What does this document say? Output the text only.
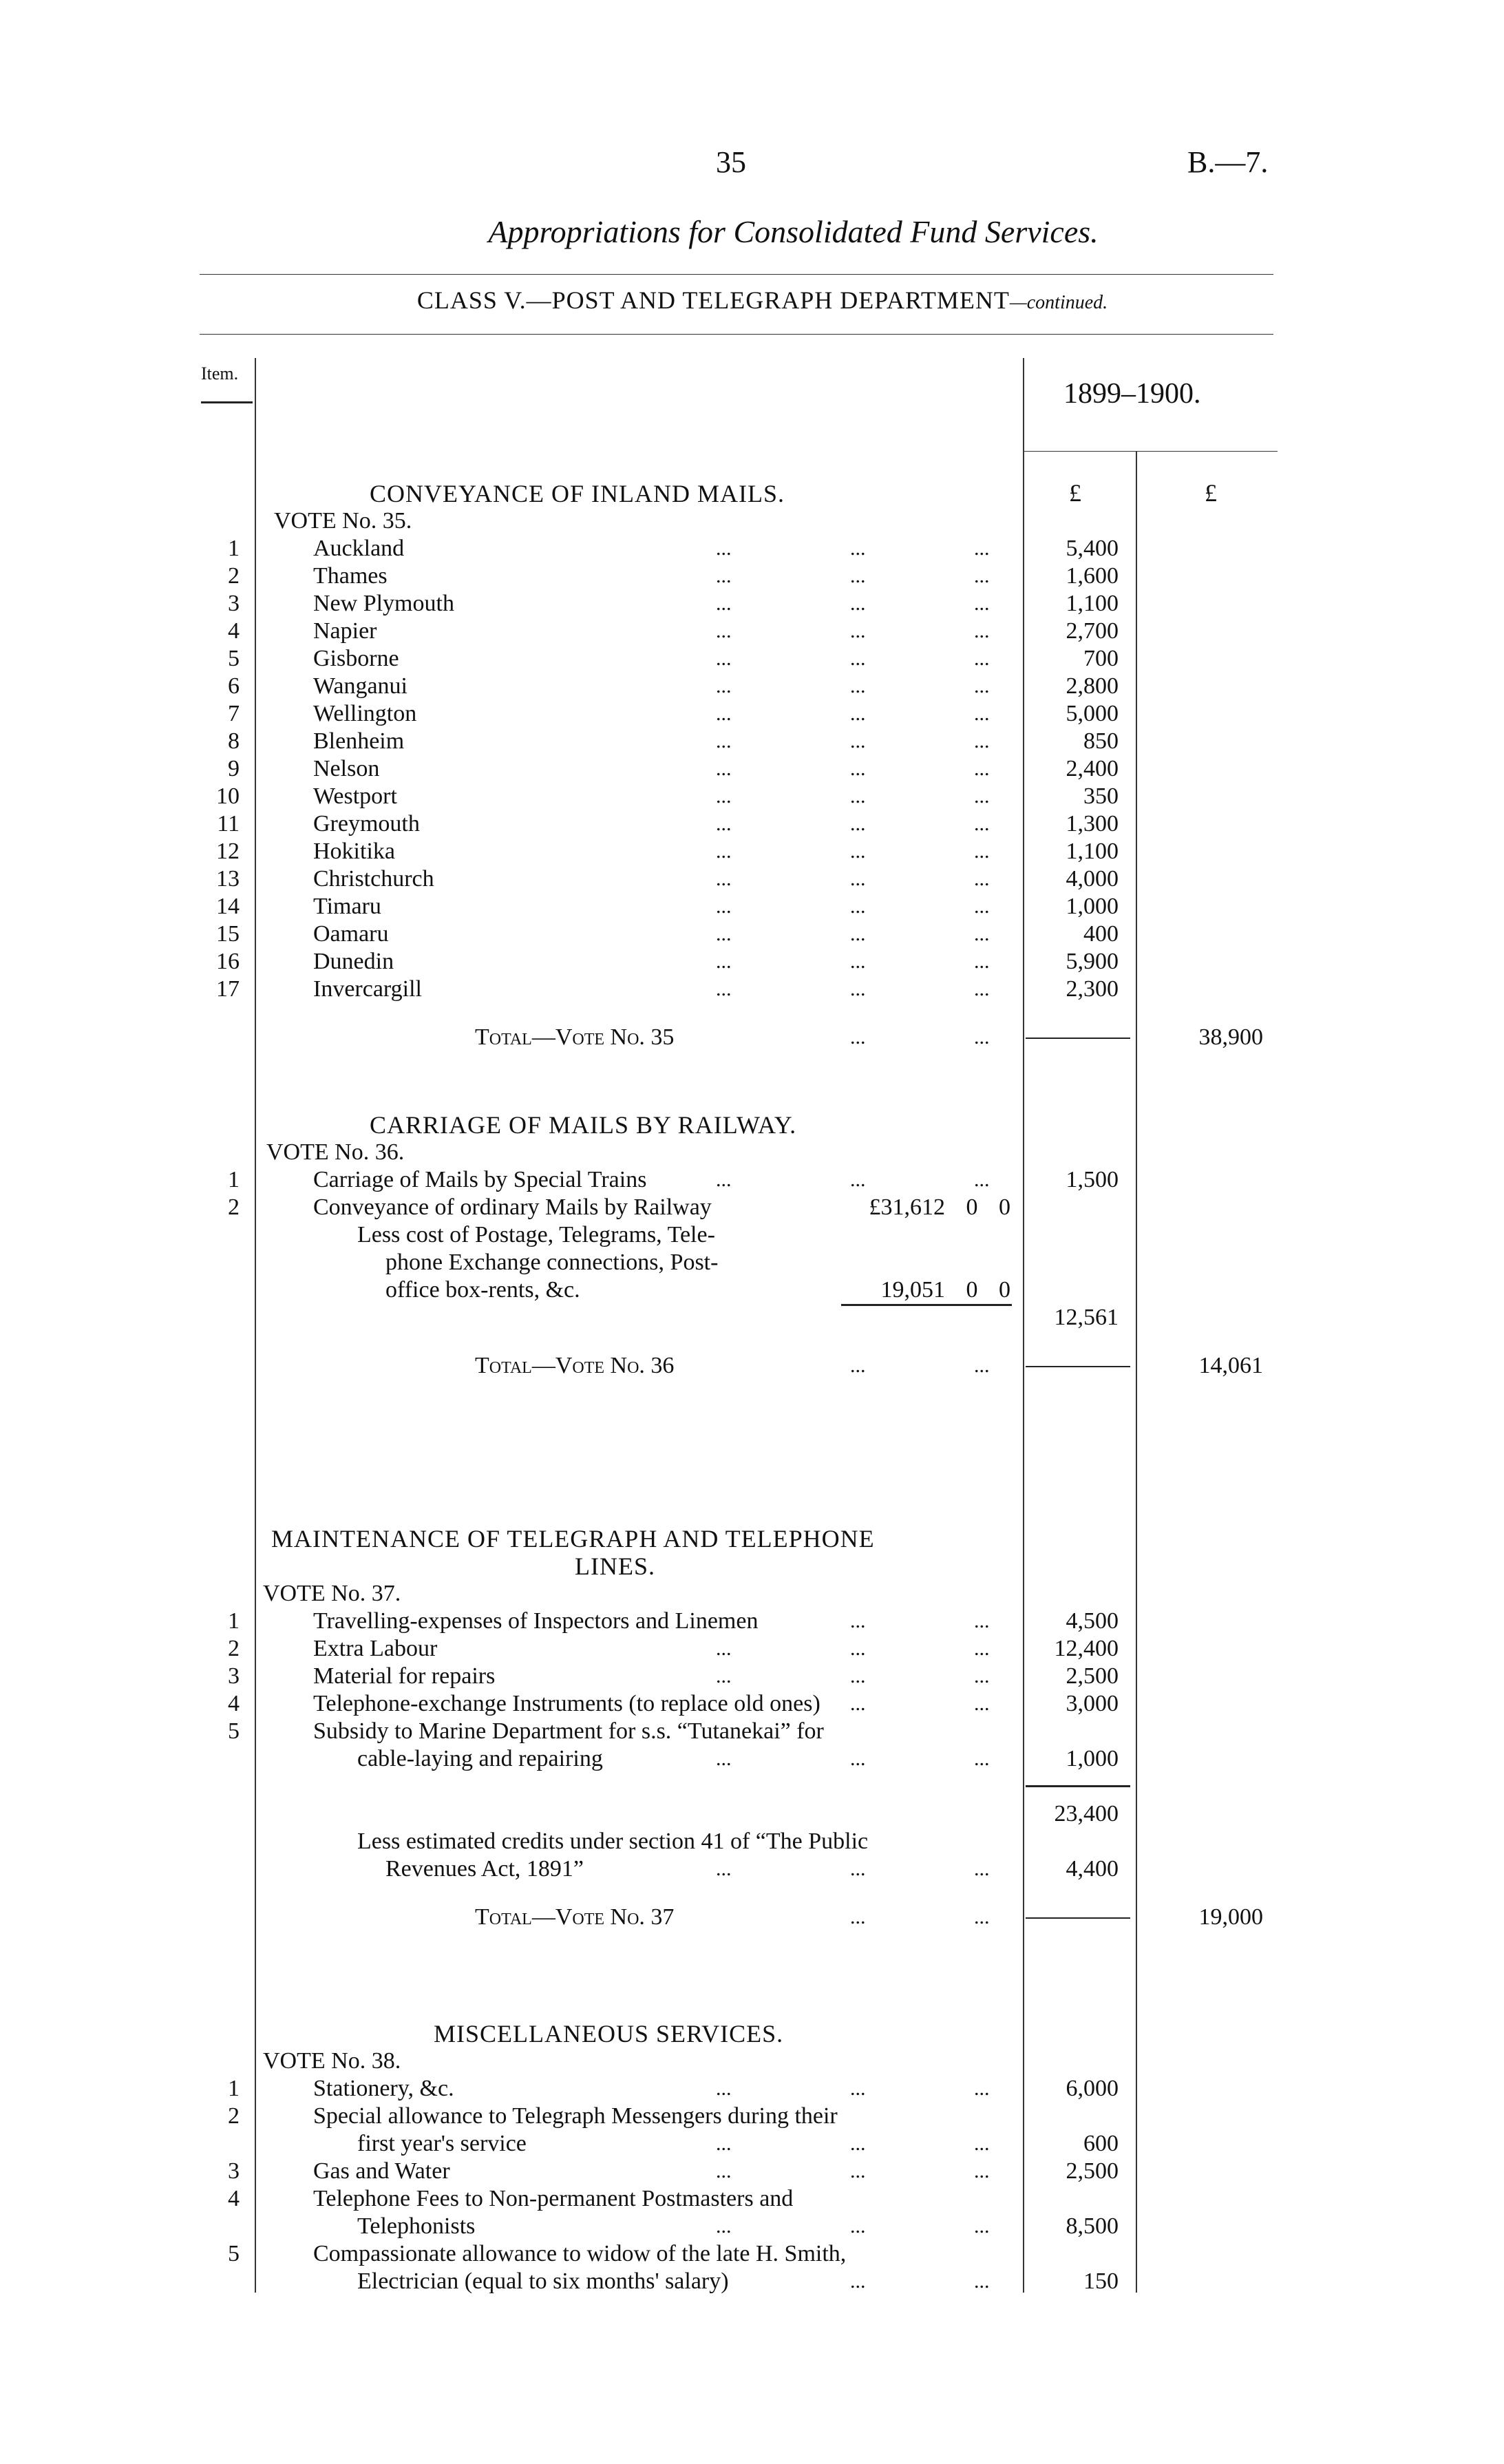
35	B.—7.
Appropriations for Consolidated Fund Services.
CLASS V.—POST AND TELEGRAPH DEPARTMENT—continued.
Item.
1899–1900.
£	£
CONVEYANCE OF INLAND MAILS.
VOTE No. 35.
1	Auckland	...	...	...	5,400
2	Thames	...	...	...	1,600
3	New Plymouth	...	...	...	1,100
4	Napier	...	...	...	2,700
5	Gisborne	...	...	...	700
6	Wanganui	...	...	...	2,800
7	Wellington	...	...	...	5,000
8	Blenheim	...	...	...	850
9	Nelson	...	...	...	2,400
10	Westport	...	...	...	350
11	Greymouth	...	...	...	1,300
12	Hokitika	...	...	...	1,100
13	Christchurch	...	...	...	4,000
14	Timaru	...	...	...	1,000
15	Oamaru	...	...	...	400
16	Dunedin	...	...	...	5,900
17	Invercargill	...	...	...	2,300
Total—Vote No. 35	...	...	38,900
CARRIAGE OF MAILS BY RAILWAY.
VOTE No. 36.
1	Carriage of Mails by Special Trains	...	...	...	1,500
2	Conveyance of ordinary Mails by Railway	£31,612 0 0
Less cost of Postage, Telegrams, Tele-
phone Exchange connections, Post-
office box-rents, &c.	19,051 0 0
12,561
Total—Vote No. 36	...	...	14,061
MAINTENANCE OF TELEGRAPH AND TELEPHONE
LINES.
VOTE No. 37.
1	Travelling-expenses of Inspectors and Linemen	...	...	4,500
2	Extra Labour	...	...	...	12,400
3	Material for repairs	...	...	...	2,500
4	Telephone-exchange Instruments (to replace old ones) ...	...	3,000
5	Subsidy to Marine Department for s.s. “Tutanekai” for
cable-laying and repairing	...	...	...	1,000
23,400
Less estimated credits under section 41 of “The Public
Revenues Act, 1891”	...	...	...	4,400
Total—Vote No. 37	...	...	19,000
MISCELLANEOUS SERVICES.
VOTE No. 38.
1	Stationery, &c.	...	...	...	6,000
2	Special allowance to Telegraph Messengers during their
first year's service	...	...	...	600
3	Gas and Water	...	...	...	2,500
4	Telephone Fees to Non-permanent Postmasters and
Telephonists	...	...	...	8,500
5	Compassionate allowance to widow of the late H. Smith,
Electrician (equal to six months' salary)	...	...	150
